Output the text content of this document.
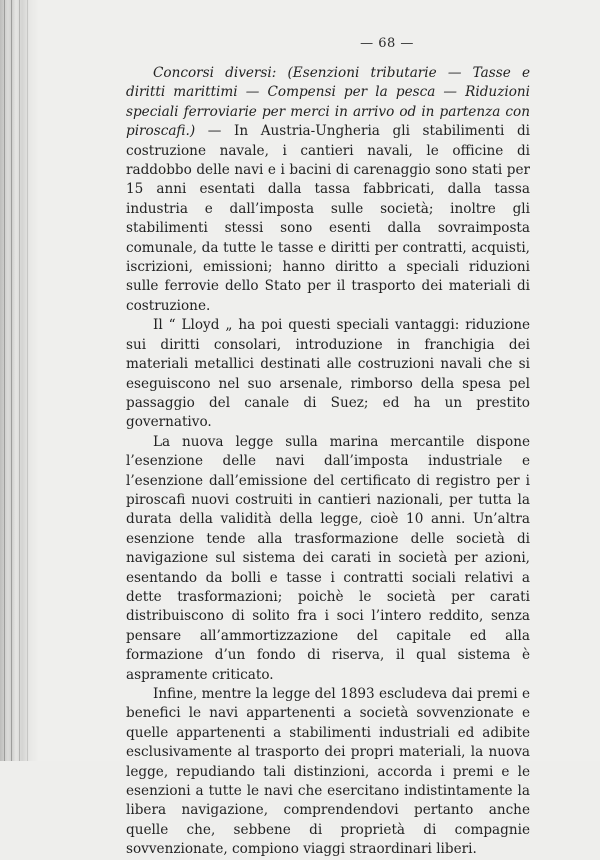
— 68 —

Concorsi diversi: (Esenzioni tributarie — Tasse e diritti marittimi — Compensi per la pesca — Riduzioni speciali ferroviarie per merci in arrivo od in partenza con piroscafi.) — In Austria-Ungheria gli stabilimenti di costruzione navale, i cantieri navali, le officine di raddobbo delle navi e i bacini di carenaggio sono stati per 15 anni esentati dalla tassa fabbricati, dalla tassa industria e dall’imposta sulle società; inoltre gli stabilimenti stessi sono esenti dalla sovraimposta comunale, da tutte le tasse e diritti per contratti, acquisti, iscrizioni, emissioni; hanno diritto a speciali riduzioni sulle ferrovie dello Stato per il trasporto dei materiali di costruzione.

Il “ Lloyd „ ha poi questi speciali vantaggi: riduzione sui diritti consolari, introduzione in franchigia dei materiali metallici destinati alle costruzioni navali che si eseguiscono nel suo arsenale, rimborso della spesa pel passaggio del canale di Suez; ed ha un prestito governativo.

La nuova legge sulla marina mercantile dispone l’esenzione delle navi dall’imposta industriale e l’esenzione dall’emissione del certificato di registro per i piroscafi nuovi costruiti in cantieri nazionali, per tutta la durata della validità della legge, cioè 10 anni. Un’altra esenzione tende alla trasformazione delle società di navigazione sul sistema dei carati in società per azioni, esentando da bolli e tasse i contratti sociali relativi a dette trasformazioni; poichè le società per carati distribuiscono di solito fra i soci l’intero reddito, senza pensare all’ammortizzazione del capitale ed alla formazione d’un fondo di riserva, il qual sistema è aspramente criticato.

Infine, mentre la legge del 1893 escludeva dai premi e benefici le navi appartenenti a società sovvenzionate e quelle appartenenti a stabilimenti industriali ed adibite esclusivamente al trasporto dei propri materiali, la nuova legge, repudiando tali distinzioni, accorda i premi e le esenzioni a tutte le navi che esercitano indistintamente la libera navigazione, comprendendovi pertanto anche quelle che, sebbene di proprietà di compagnie sovvenzionate, compiono viaggi straordinari liberi.
